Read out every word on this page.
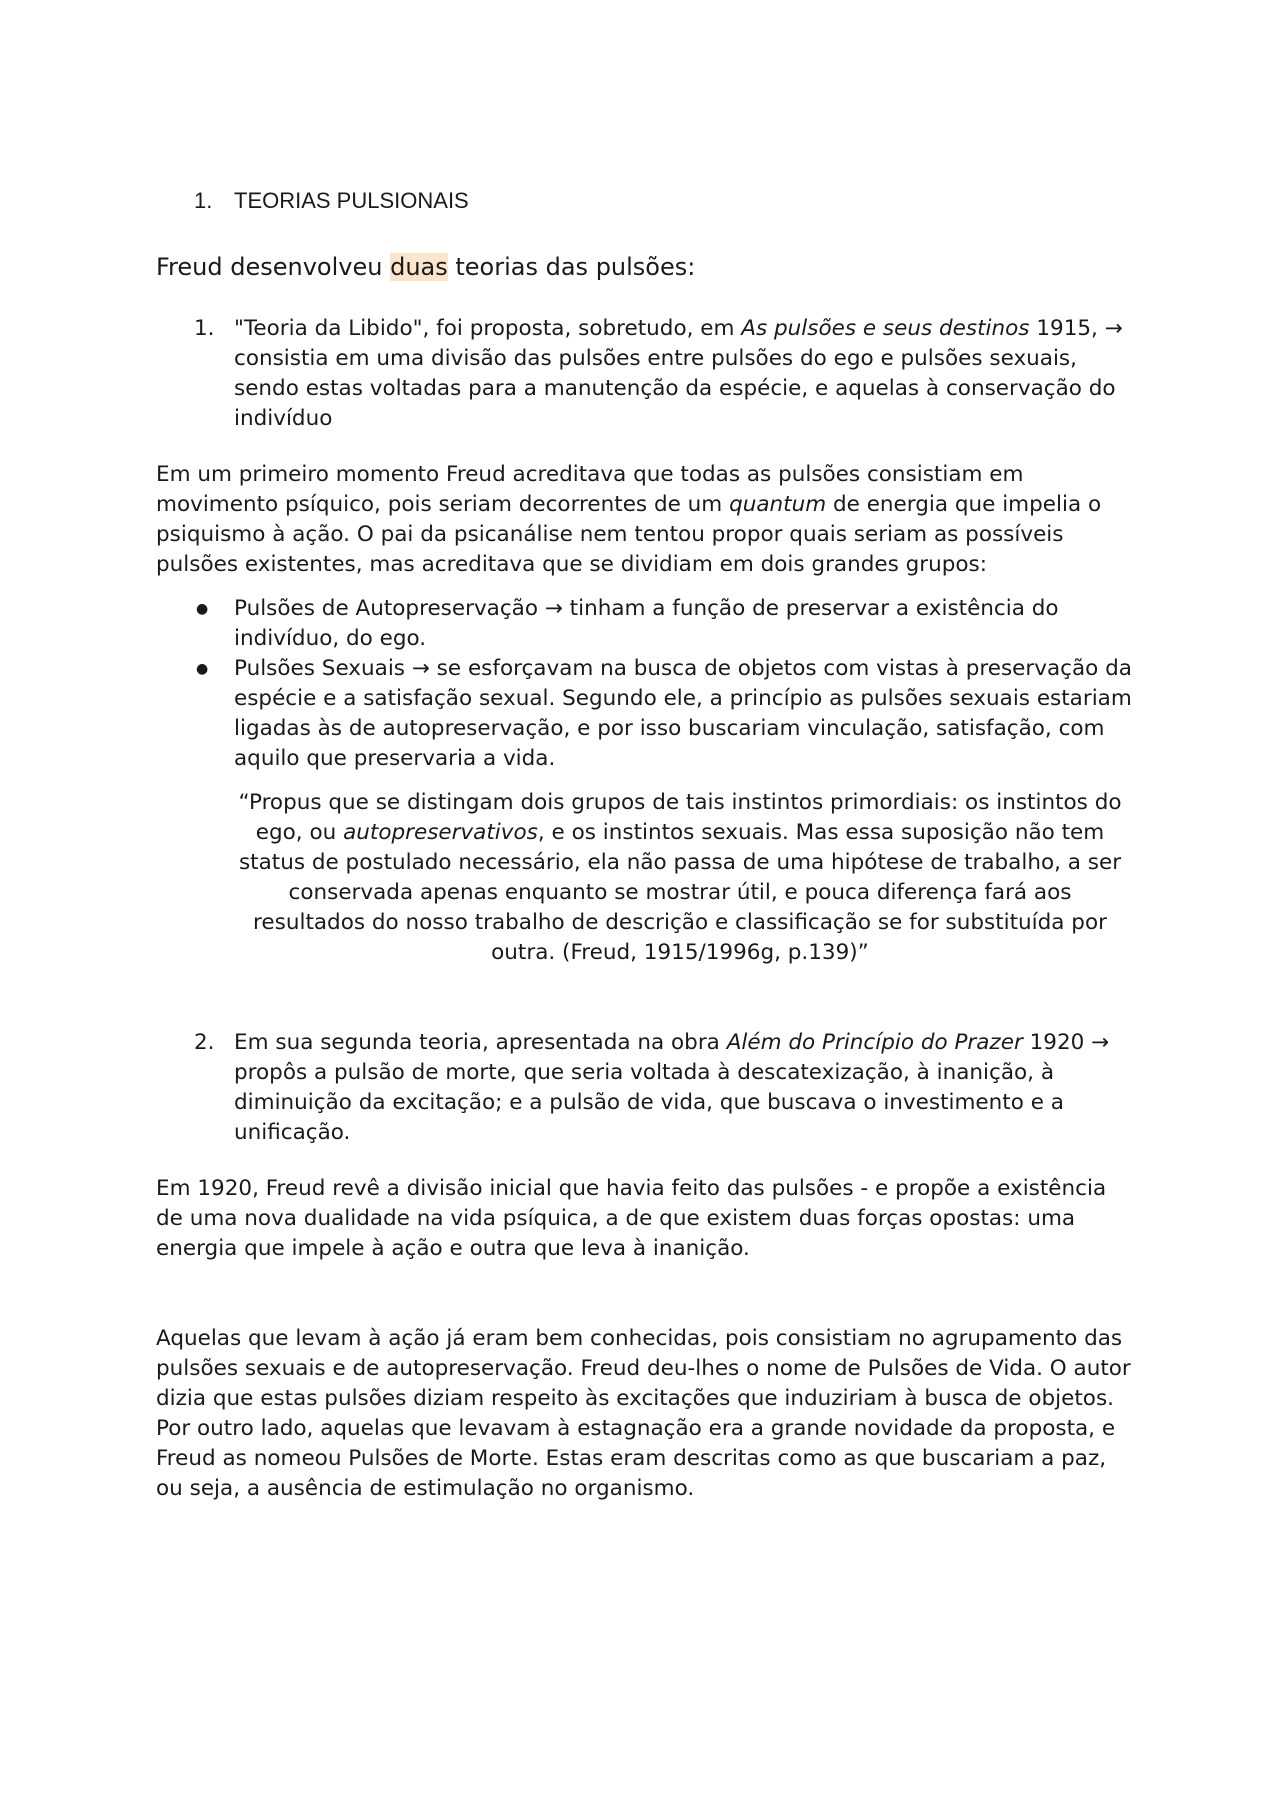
1. TEORIAS PULSIONAIS

Freud desenvolveu duas teorias das pulsões:

1. "Teoria da Libido", foi proposta, sobretudo, em As pulsões e seus destinos 1915, → consistia em uma divisão das pulsões entre pulsões do ego e pulsões sexuais, sendo estas voltadas para a manutenção da espécie, e aquelas à conservação do indivíduo

Em um primeiro momento Freud acreditava que todas as pulsões consistiam em movimento psíquico, pois seriam decorrentes de um quantum de energia que impelia o psiquismo à ação. O pai da psicanálise nem tentou propor quais seriam as possíveis pulsões existentes, mas acreditava que se dividiam em dois grandes grupos:

● Pulsões de Autopreservação → tinham a função de preservar a existência do indivíduo, do ego.
● Pulsões Sexuais → se esforçavam na busca de objetos com vistas à preservação da espécie e a satisfação sexual. Segundo ele, a princípio as pulsões sexuais estariam ligadas às de autopreservação, e por isso buscariam vinculação, satisfação, com aquilo que preservaria a vida.

“Propus que se distingam dois grupos de tais instintos primordiais: os instintos do ego, ou autopreservativos, e os instintos sexuais. Mas essa suposição não tem status de postulado necessário, ela não passa de uma hipótese de trabalho, a ser conservada apenas enquanto se mostrar útil, e pouca diferença fará aos resultados do nosso trabalho de descrição e classificação se for substituída por outra. (Freud, 1915/1996g, p.139)”

2. Em sua segunda teoria, apresentada na obra Além do Princípio do Prazer 1920 → propôs a pulsão de morte, que seria voltada à descatexização, à inanição, à diminuição da excitação; e a pulsão de vida, que buscava o investimento e a unificação.

Em 1920, Freud revê a divisão inicial que havia feito das pulsões - e propõe a existência de uma nova dualidade na vida psíquica, a de que existem duas forças opostas: uma energia que impele à ação e outra que leva à inanição.

Aquelas que levam à ação já eram bem conhecidas, pois consistiam no agrupamento das pulsões sexuais e de autopreservação. Freud deu-lhes o nome de Pulsões de Vida. O autor dizia que estas pulsões diziam respeito às excitações que induziriam à busca de objetos. Por outro lado, aquelas que levavam à estagnação era a grande novidade da proposta, e Freud as nomeou Pulsões de Morte. Estas eram descritas como as que buscariam a paz, ou seja, a ausência de estimulação no organismo.
